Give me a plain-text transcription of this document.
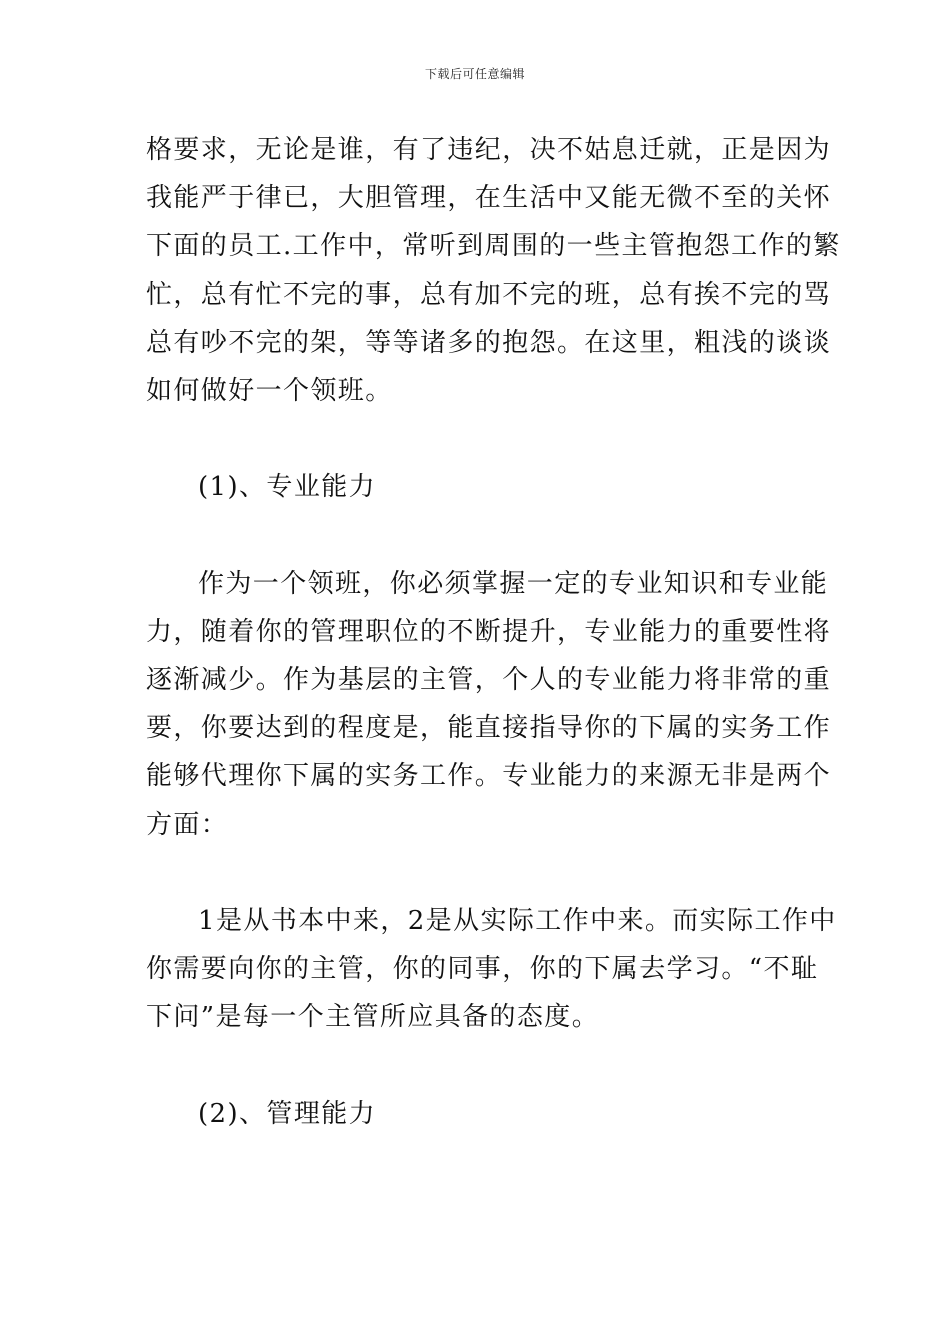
下载后可任意编辑
格要求，无论是谁，有了违纪，决不姑息迁就，正是因为
我能严于律已，大胆管理，在生活中又能无微不至的关怀
下面的员工.工作中，常听到周围的一些主管抱怨工作的繁
忙，总有忙不完的事，总有加不完的班，总有挨不完的骂
总有吵不完的架，等等诸多的抱怨。在这里，粗浅的谈谈
如何做好一个领班。
(1)、专业能力
作为一个领班，你必须掌握一定的专业知识和专业能
力，随着你的管理职位的不断提升，专业能力的重要性将
逐渐减少。作为基层的主管，个人的专业能力将非常的重
要，你要达到的程度是，能直接指导你的下属的实务工作
能够代理你下属的实务工作。专业能力的来源无非是两个
方面：
1是从书本中来，2是从实际工作中来。而实际工作中
你需要向你的主管，你的同事，你的下属去学习。“不耻
下问”是每一个主管所应具备的态度。
(2)、管理能力
